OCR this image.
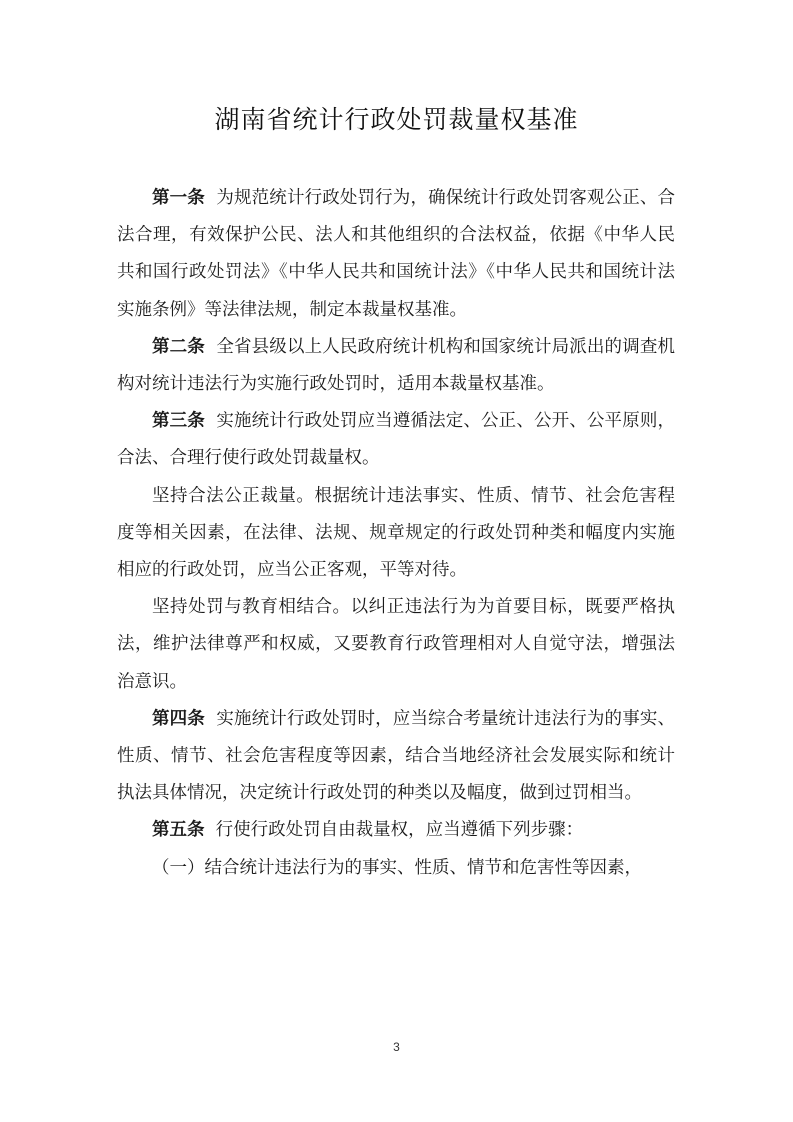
湖南省统计行政处罚裁量权基准

第一条 为规范统计行政处罚行为，确保统计行政处罚客观公正、合法合理，有效保护公民、法人和其他组织的合法权益，依据《中华人民共和国行政处罚法》《中华人民共和国统计法》《中华人民共和国统计法实施条例》等法律法规，制定本裁量权基准。

第二条 全省县级以上人民政府统计机构和国家统计局派出的调查机构对统计违法行为实施行政处罚时，适用本裁量权基准。

第三条 实施统计行政处罚应当遵循法定、公正、公开、公平原则，合法、合理行使行政处罚裁量权。

坚持合法公正裁量。根据统计违法事实、性质、情节、社会危害程度等相关因素，在法律、法规、规章规定的行政处罚种类和幅度内实施相应的行政处罚，应当公正客观，平等对待。

坚持处罚与教育相结合。以纠正违法行为为首要目标，既要严格执法，维护法律尊严和权威，又要教育行政管理相对人自觉守法，增强法治意识。

第四条 实施统计行政处罚时，应当综合考量统计违法行为的事实、性质、情节、社会危害程度等因素，结合当地经济社会发展实际和统计执法具体情况，决定统计行政处罚的种类以及幅度，做到过罚相当。

第五条 行使行政处罚自由裁量权，应当遵循下列步骤：

（一）结合统计违法行为的事实、性质、情节和危害性等因素，

3
